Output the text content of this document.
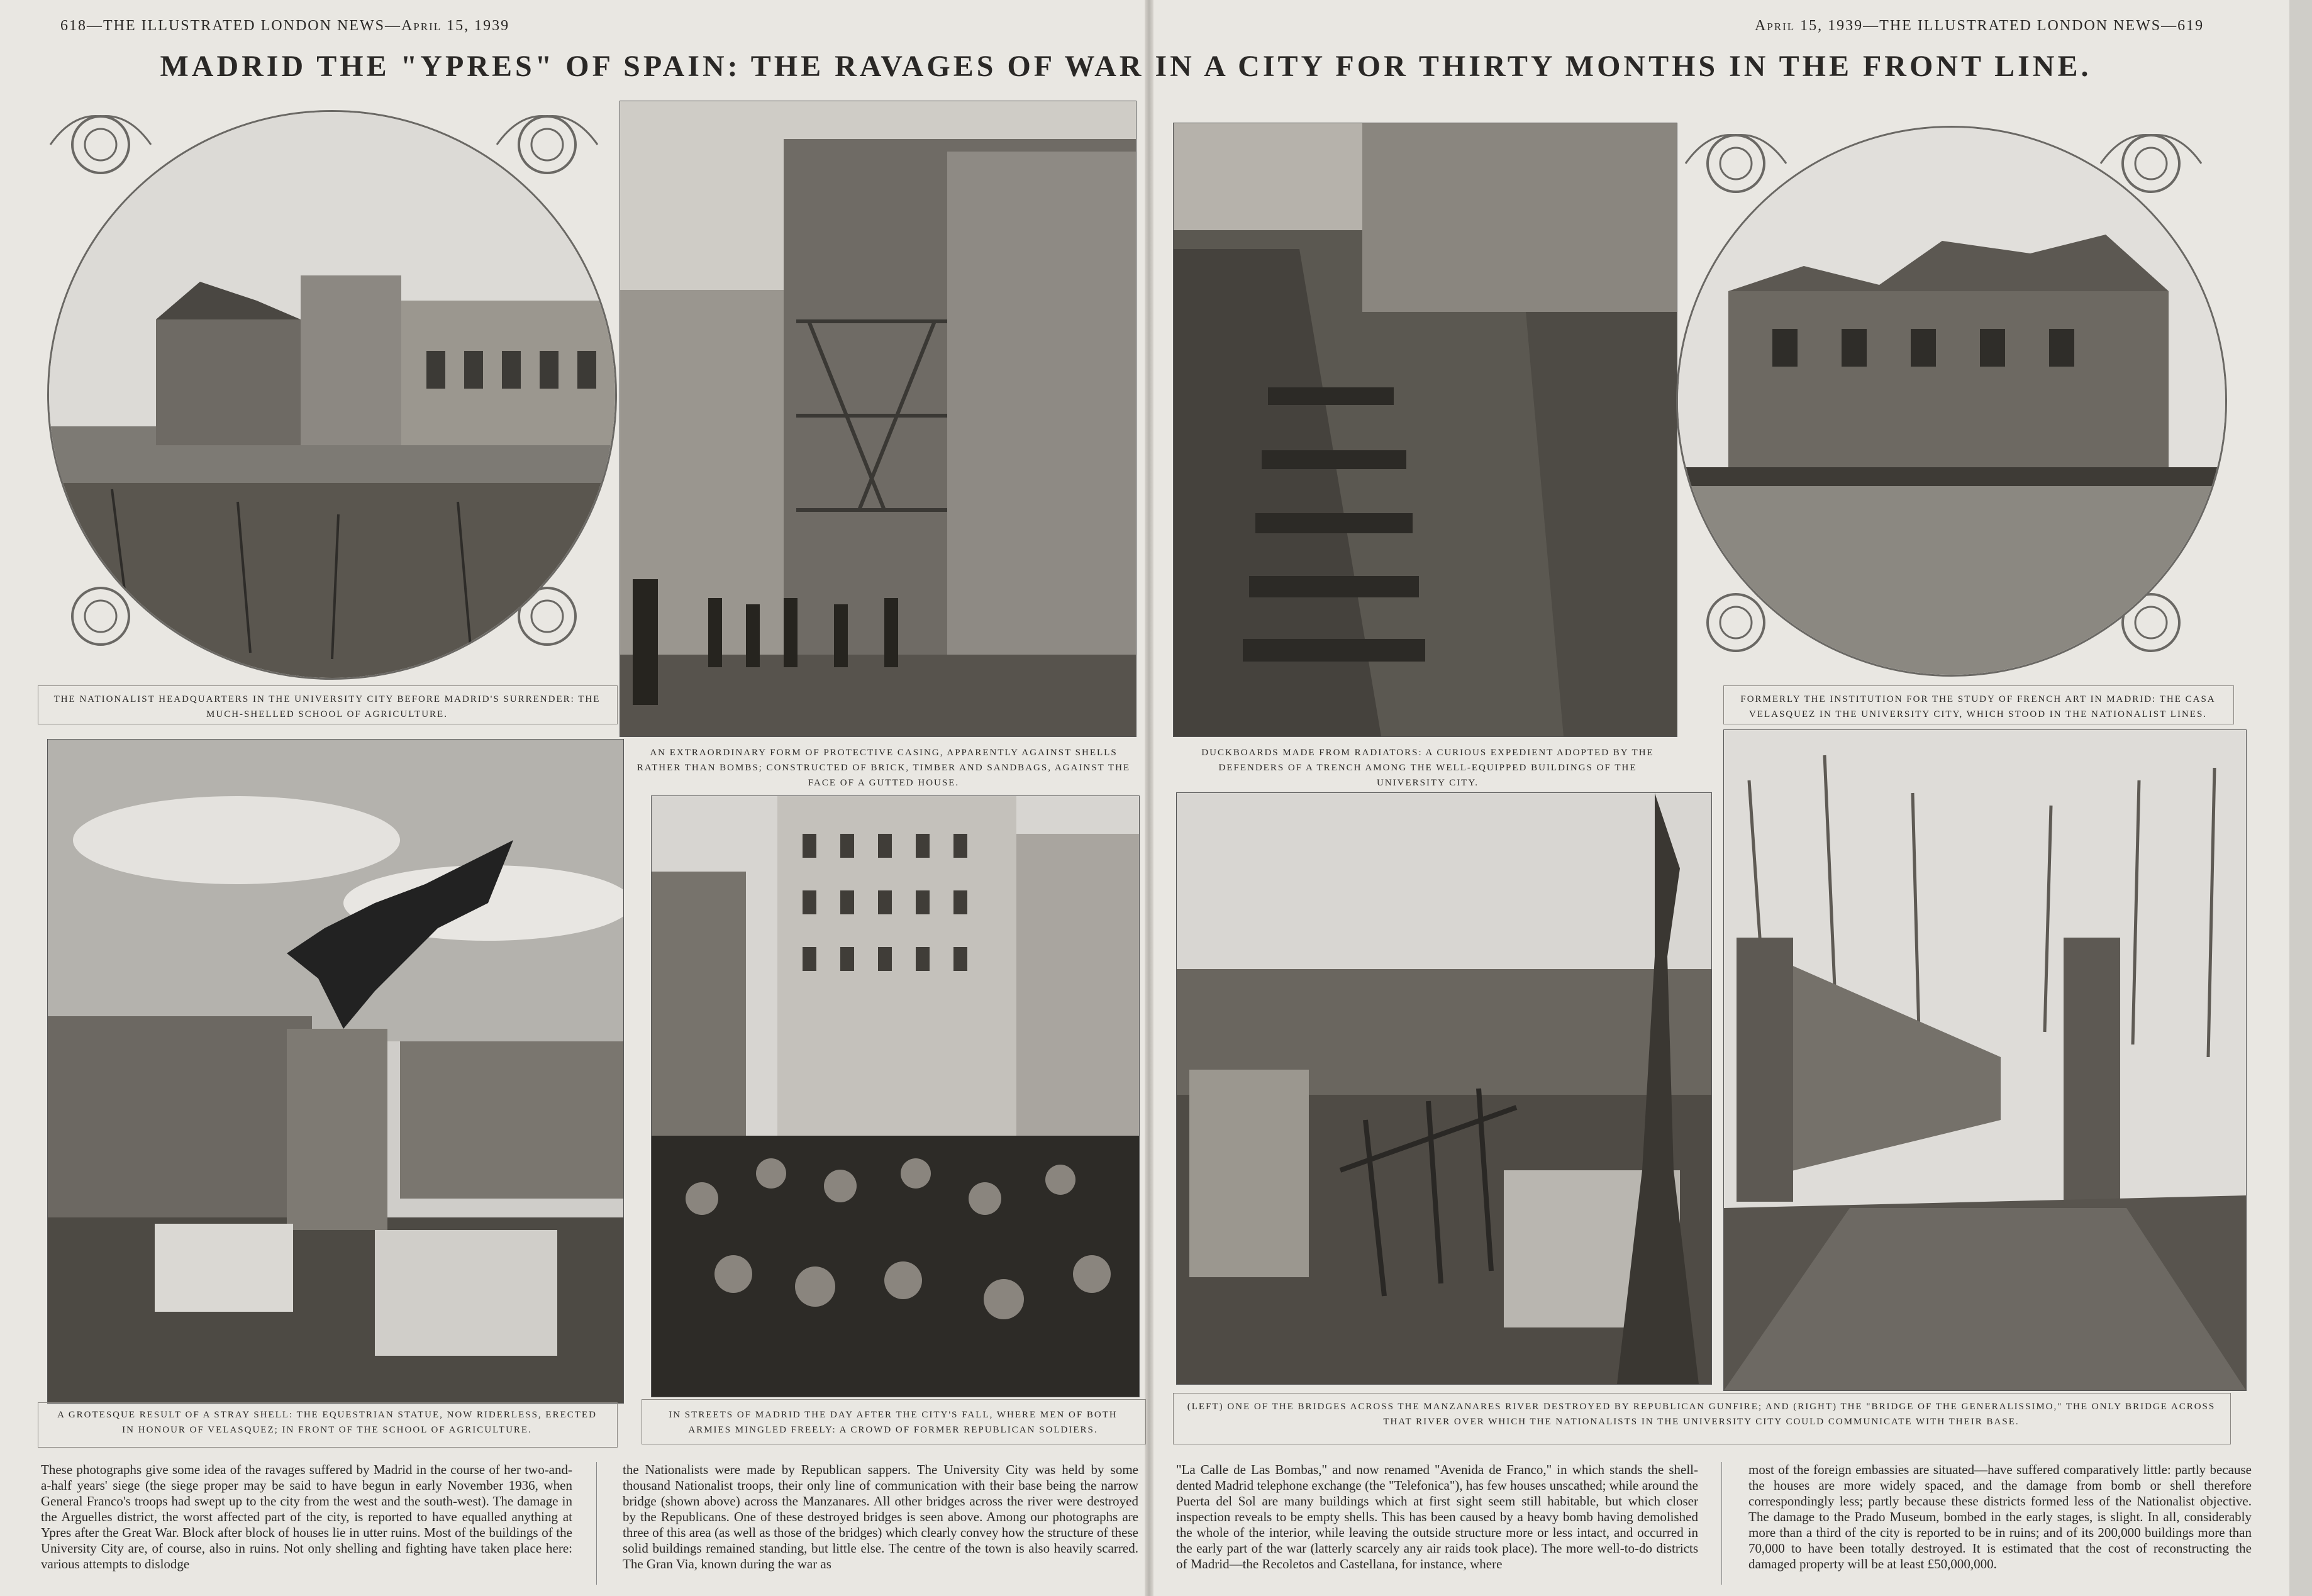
618—THE ILLUSTRATED LONDON NEWS—April 15, 1939	April 15, 1939—THE ILLUSTRATED LONDON NEWS—619
MADRID THE "YPRES" OF SPAIN: THE RAVAGES OF WAR IN A CITY FOR THIRTY MONTHS IN THE FRONT LINE.
THE NATIONALIST HEADQUARTERS IN THE UNIVERSITY CITY BEFORE MADRID'S SURRENDER: THE MUCH-SHELLED SCHOOL OF AGRICULTURE.
AN EXTRAORDINARY FORM OF PROTECTIVE CASING, APPARENTLY AGAINST SHELLS RATHER THAN BOMBS; CONSTRUCTED OF BRICK, TIMBER AND SANDBAGS, AGAINST THE FACE OF A GUTTED HOUSE.
DUCKBOARDS MADE FROM RADIATORS: A CURIOUS EXPEDIENT ADOPTED BY THE DEFENDERS OF A TRENCH AMONG THE WELL-EQUIPPED BUILDINGS OF THE UNIVERSITY CITY.
FORMERLY THE INSTITUTION FOR THE STUDY OF FRENCH ART IN MADRID: THE CASA VELASQUEZ IN THE UNIVERSITY CITY, WHICH STOOD IN THE NATIONALIST LINES.
A GROTESQUE RESULT OF A STRAY SHELL: THE EQUESTRIAN STATUE, NOW RIDERLESS, ERECTED IN HONOUR OF VELASQUEZ; IN FRONT OF THE SCHOOL OF AGRICULTURE.
IN STREETS OF MADRID THE DAY AFTER THE CITY'S FALL, WHERE MEN OF BOTH ARMIES MINGLED FREELY: A CROWD OF FORMER REPUBLICAN SOLDIERS.
(LEFT) ONE OF THE BRIDGES ACROSS THE MANZANARES RIVER DESTROYED BY REPUBLICAN GUNFIRE; AND (RIGHT) THE "BRIDGE OF THE GENERALISSIMO," THE ONLY BRIDGE ACROSS THAT RIVER OVER WHICH THE NATIONALISTS IN THE UNIVERSITY CITY COULD COMMUNICATE WITH THEIR BASE.
These photographs give some idea of the ravages suffered by Madrid in the course of her two-and-a-half years' siege (the siege proper may be said to have begun in early November 1936, when General Franco's troops had swept up to the city from the west and the south-west). The damage in the Arguelles district, the worst affected part of the city, is reported to have equalled anything at Ypres after the Great War. Block after block of houses lie in utter ruins. Most of the buildings of the University City are, of course, also in ruins. Not only shelling and fighting have taken place here: various attempts to dislodge
the Nationalists were made by Republican sappers. The University City was held by some thousand Nationalist troops, their only line of communication with their base being the narrow bridge (shown above) across the Manzanares. All other bridges across the river were destroyed by the Republicans. One of these destroyed bridges is seen above. Among our photographs are three of this area (as well as those of the bridges) which clearly convey how the structure of these solid buildings remained standing, but little else. The centre of the town is also heavily scarred. The Gran Via, known during the war as
"La Calle de Las Bombas," and now renamed "Avenida de Franco," in which stands the shell-dented Madrid telephone exchange (the "Telefonica"), has few houses unscathed; while around the Puerta del Sol are many buildings which at first sight seem still habitable, but which closer inspection reveals to be empty shells. This has been caused by a heavy bomb having demolished the whole of the interior, while leaving the outside structure more or less intact, and occurred in the early part of the war (latterly scarcely any air raids took place). The more well-to-do districts of Madrid—the Recoletos and Castellana, for instance, where
most of the foreign embassies are situated—have suffered comparatively little: partly because the houses are more widely spaced, and the damage from bomb or shell therefore correspondingly less; partly because these districts formed less of the Nationalist objective. The damage to the Prado Museum, bombed in the early stages, is slight. In all, considerably more than a third of the city is reported to be in ruins; and of its 200,000 buildings more than 70,000 to have been totally destroyed. It is estimated that the cost of reconstructing the damaged property will be at least £50,000,000.
